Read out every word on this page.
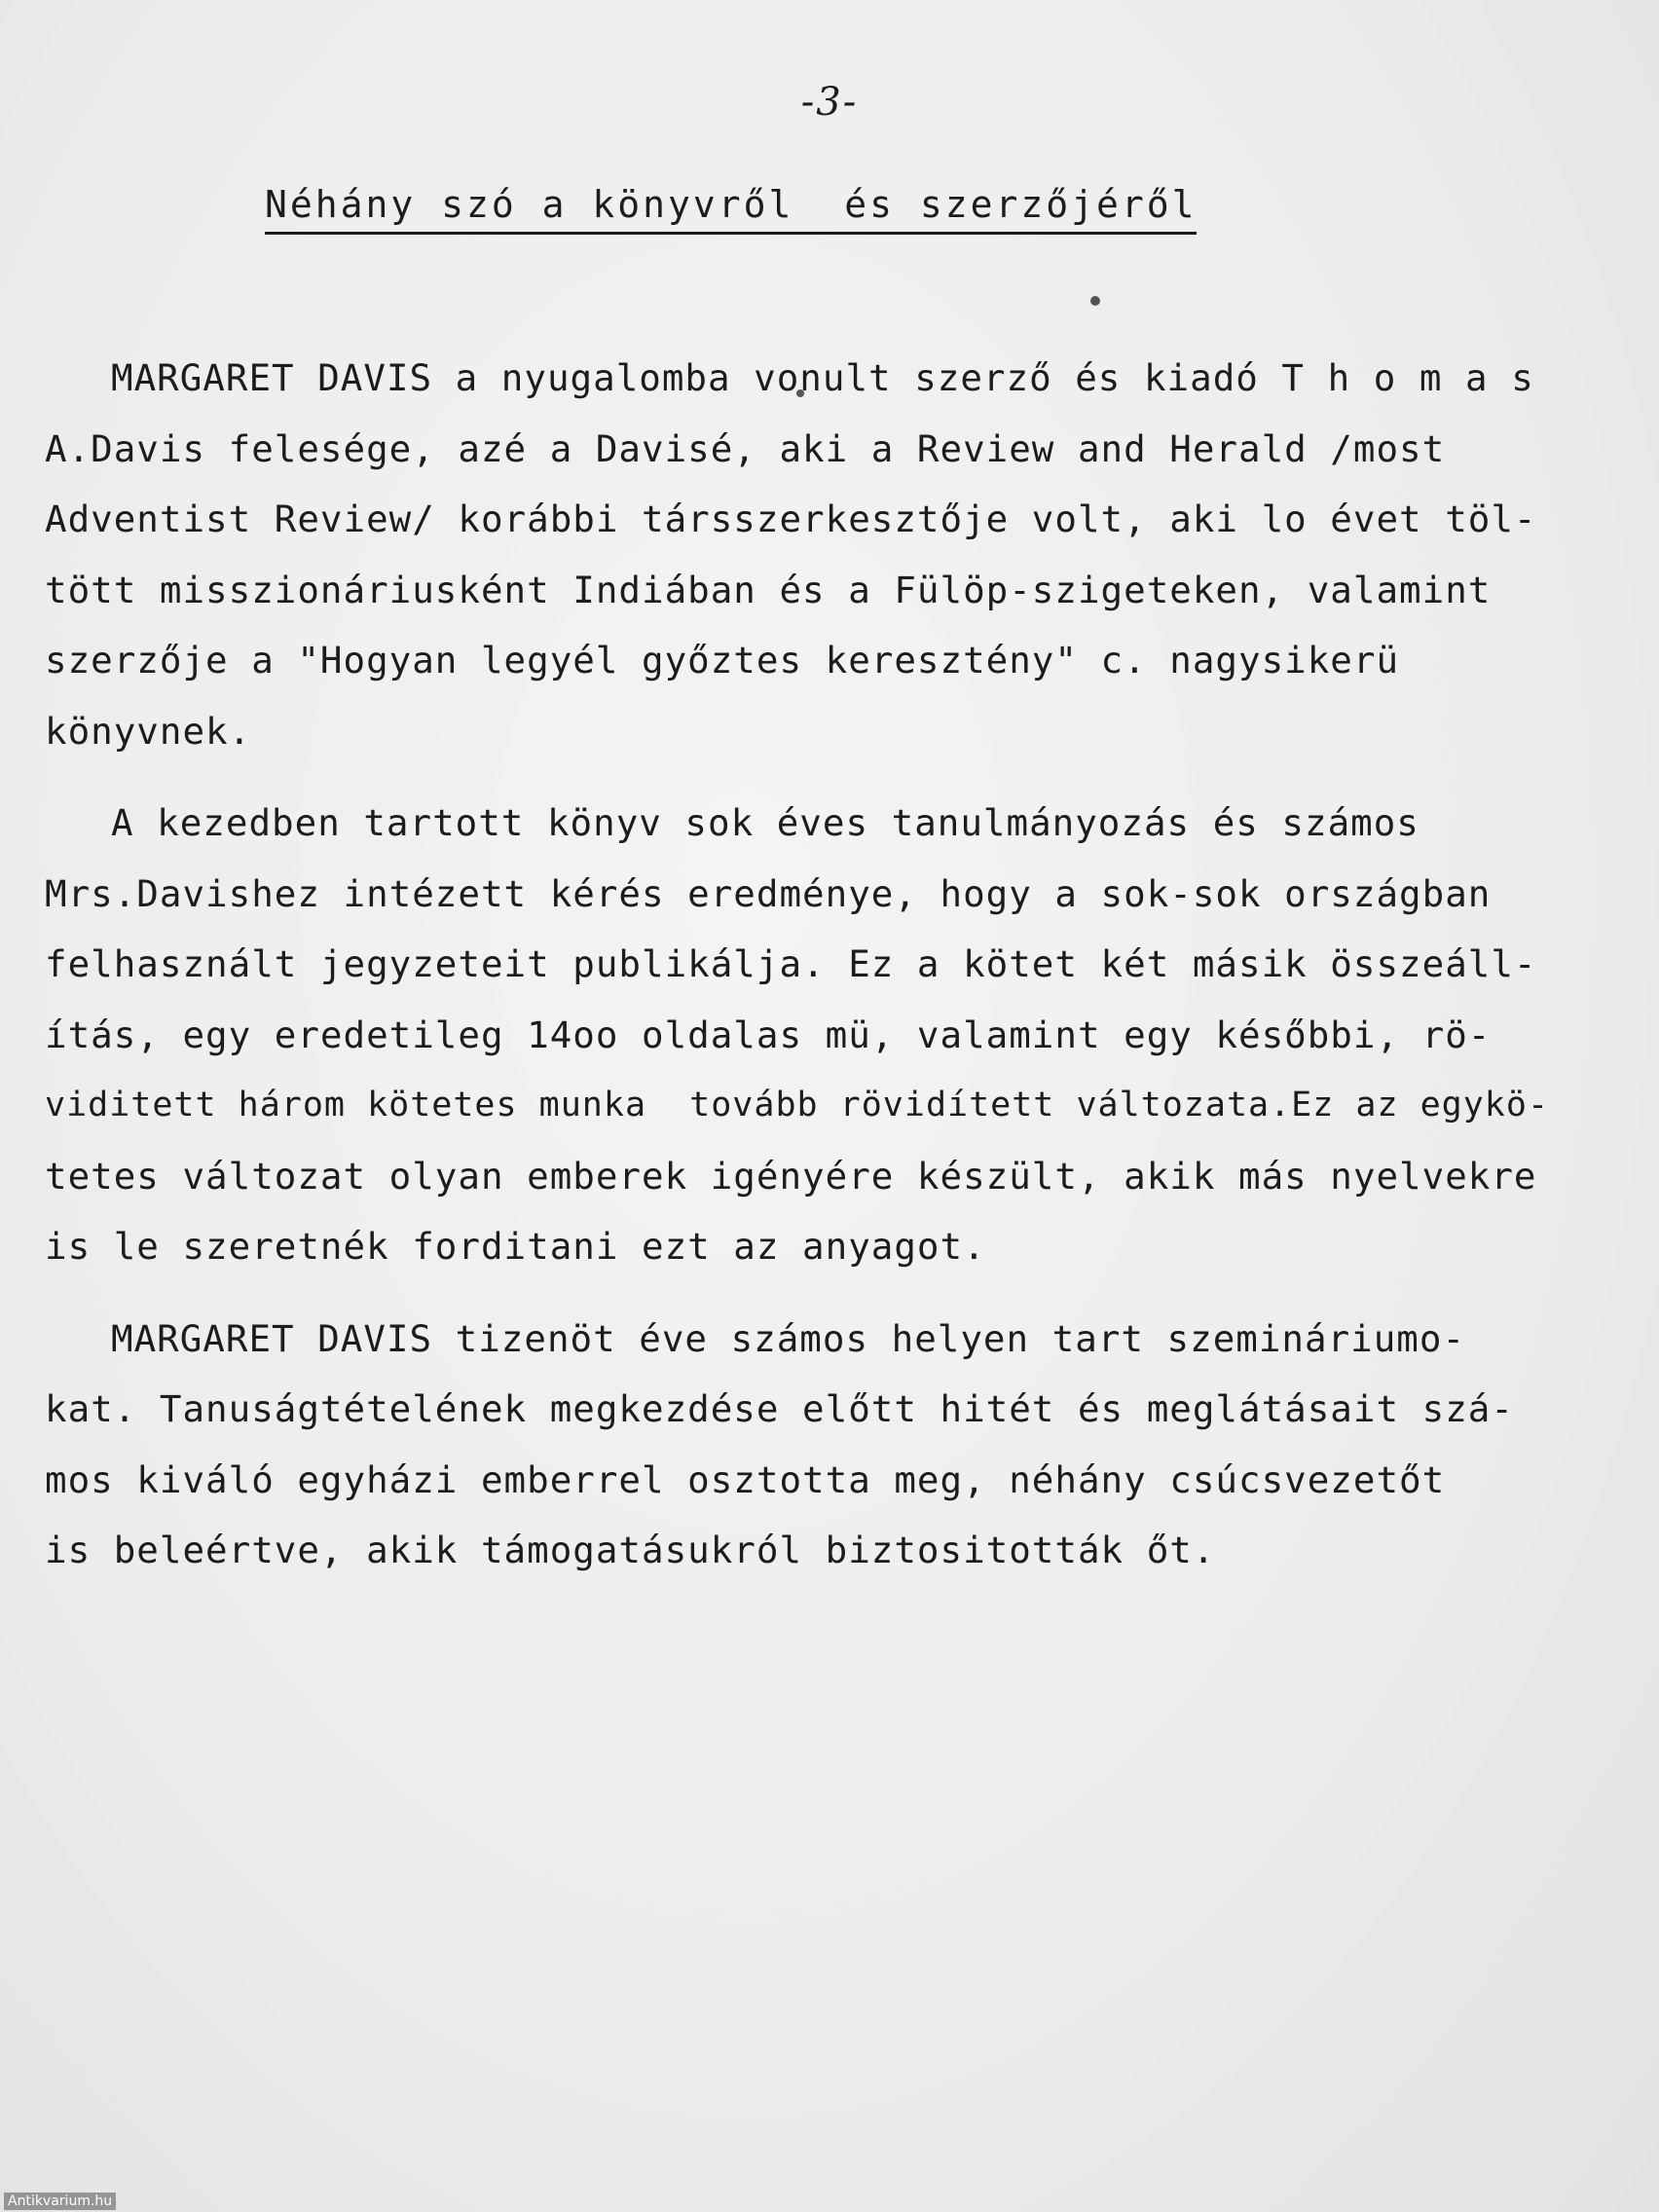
-3-
Néhány szó a könyvről  és szerzőjéről
MARGARET DAVIS a nyugalomba vonult szerző és kiadó T h o m a s
A.Davis felesége, azé a Davisé, aki a Review and Herald /most
Adventist Review/ korábbi társszerkesztője volt, aki lo évet töl-
tött misszionáriusként Indiában és a Fülöp-szigeteken, valamint
szerzője a "Hogyan legyél győztes keresztény" c. nagysikerü
könyvnek.
A kezedben tartott könyv sok éves tanulmányozás és számos
Mrs.Davishez intézett kérés eredménye, hogy a sok-sok országban
felhasznált jegyzeteit publikálja. Ez a kötet két másik összeáll-
ítás, egy eredetileg 14oo oldalas mü, valamint egy későbbi, rö-
viditett három kötetes munka  tovább rövidített változata.Ez az egykö-
tetes változat olyan emberek igényére készült, akik más nyelvekre
is le szeretnék forditani ezt az anyagot.
MARGARET DAVIS tizenöt éve számos helyen tart szemináriumo-
kat. Tanuságtételének megkezdése előtt hitét és meglátásait szá-
mos kiváló egyházi emberrel osztotta meg, néhány csúcsvezetőt
is beleértve, akik támogatásukról biztositották őt.
Antikvarium.hu
